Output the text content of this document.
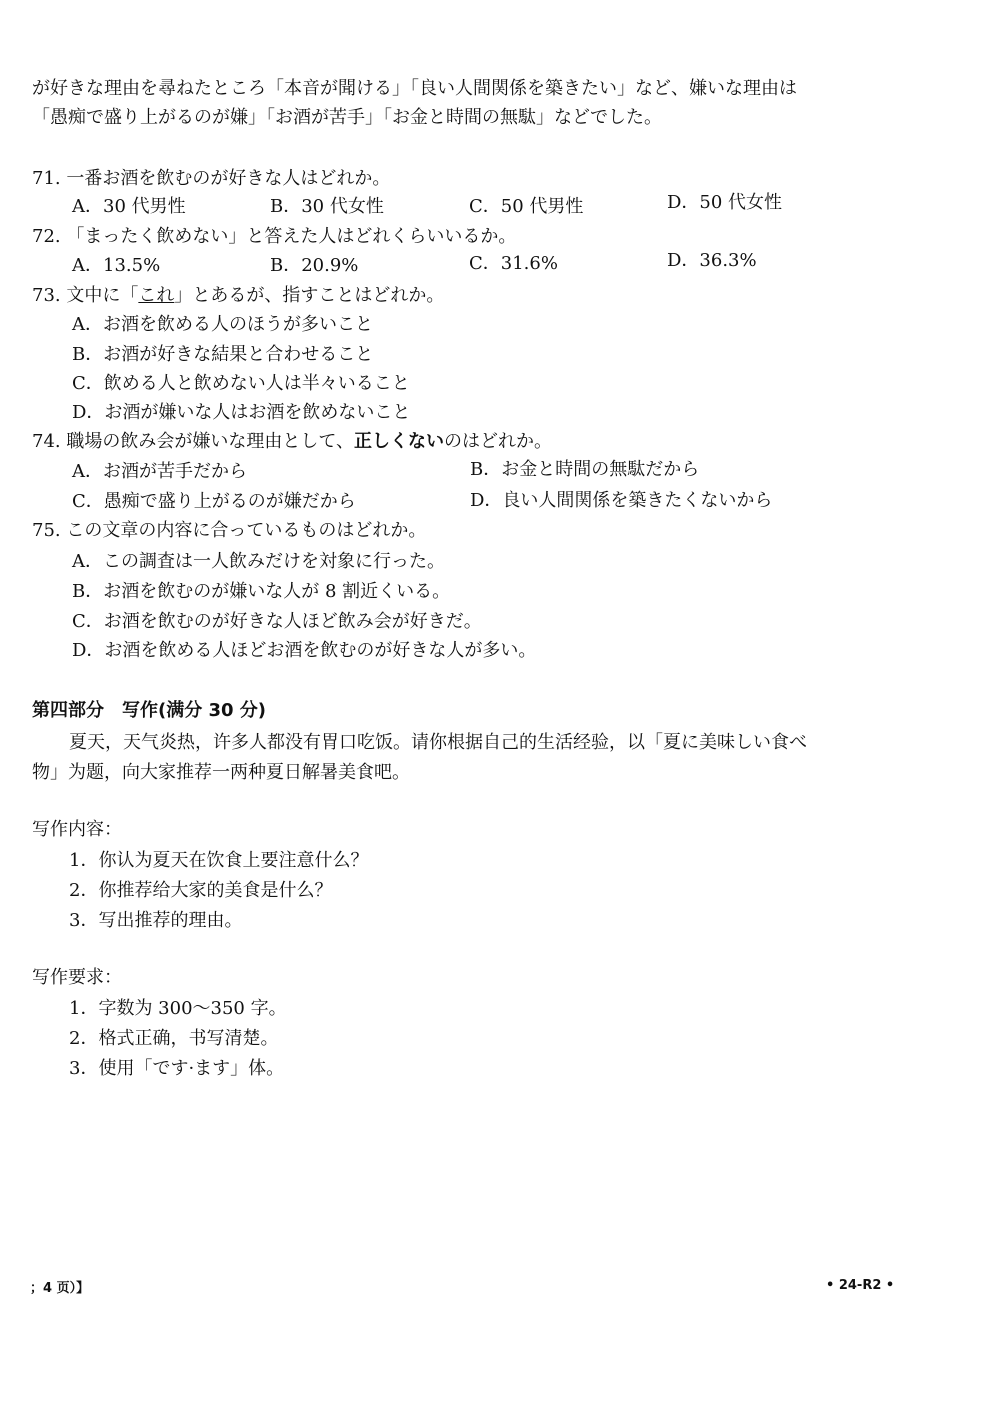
が好きな理由を尋ねたところ「本音が聞ける」「良い人間関係を築きたい」など、嫌いな理由は
「愚痴で盛り上がるのが嫌」「お酒が苦手」「お金と時間の無駄」などでした。
71. 一番お酒を飲むのが好きな人はどれか。
A．30 代男性	B．30 代女性	C．50 代男性	D．50 代女性
72. 「まったく飲めない」と答えた人はどれくらいいるか。
A．13.5%	B．20.9%	C．31.6%	D．36.3%
73. 文中に「これ」とあるが、指すことはどれか。
A．お酒を飲める人のほうが多いこと
B．お酒が好きな結果と合わせること
C．飲める人と飲めない人は半々いること
D．お酒が嫌いな人はお酒を飲めないこと
74. 職場の飲み会が嫌いな理由として、正しくないのはどれか。
A．お酒が苦手だから	B．お金と時間の無駄だから
C．愚痴で盛り上がるのが嫌だから	D．良い人間関係を築きたくないから
75. この文章の内容に合っているものはどれか。
A．この調査は一人飲みだけを対象に行った。
B．お酒を飲むのが嫌いな人が 8 割近くいる。
C．お酒を飲むのが好きな人ほど飲み会が好きだ。
D．お酒を飲める人ほどお酒を飲むのが好きな人が多い。
第四部分　写作(满分 30 分)
夏天，天气炎热，许多人都没有胃口吃饭。请你根据自己的生活经验，以「夏に美味しい食べ
物」为题，向大家推荐一两种夏日解暑美食吧。
写作内容：
1．你认为夏天在饮食上要注意什么？
2．你推荐给大家的美食是什么？
3．写出推荐的理由。
写作要求：
1．字数为 300～350 字。
2．格式正确，书写清楚。
3．使用「です·ます」体。
；4 页）】	• 24-R2 •
